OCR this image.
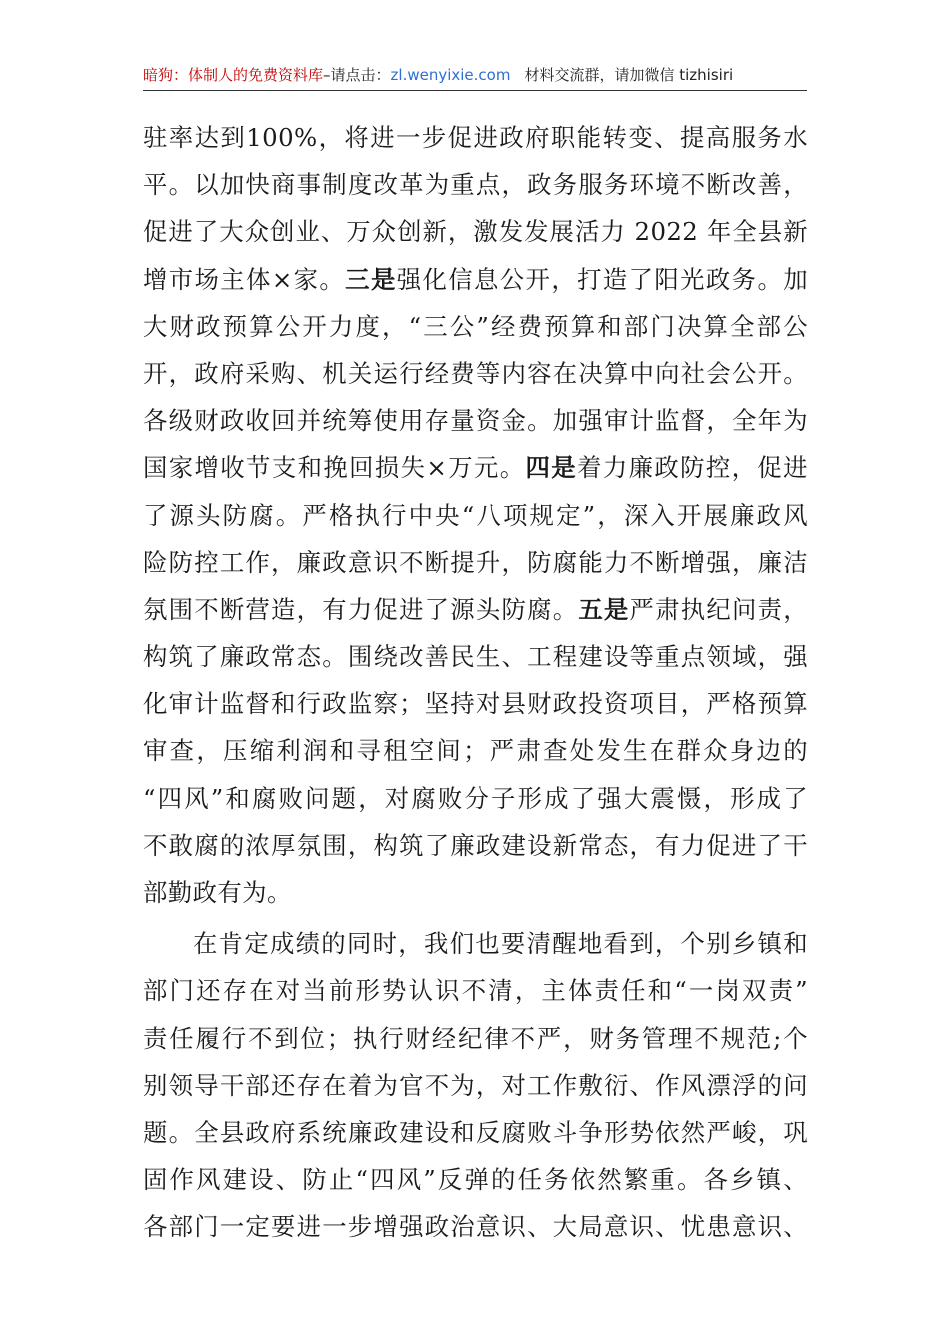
暗狗：体制人的免费资料库 –请点击： zl.wenyixie.com 材料交流群，请加微信 tizhisiri
驻率达到100%，将进一步促进政府职能转变、提高服务水
平。以加快商事制度改革为重点，政务服务环境不断改善，
促进了大众创业、万众创新，激发发展活力 2022 年全县新
增市场主体×家。三是强化信息公开，打造了阳光政务。加
大财政预算公开力度，“三公”经费预算和部门决算全部公
开，政府采购、机关运行经费等内容在决算中向社会公开。
各级财政收回并统筹使用存量资金。加强审计监督，全年为
国家增收节支和挽回损失×万元。四是着力廉政防控，促进
了源头防腐。严格执行中央“八项规定”，深入开展廉政风
险防控工作，廉政意识不断提升，防腐能力不断增强，廉洁
氛围不断营造，有力促进了源头防腐。五是严肃执纪问责，
构筑了廉政常态。围绕改善民生、工程建设等重点领域，强
化审计监督和行政监察；坚持对县财政投资项目，严格预算
审查，压缩利润和寻租空间；严肃查处发生在群众身边的
“四风”和腐败问题，对腐败分子形成了强大震慑，形成了
不敢腐的浓厚氛围，构筑了廉政建设新常态，有力促进了干
部勤政有为。
在肯定成绩的同时，我们也要清醒地看到，个别乡镇和
部门还存在对当前形势认识不清，主体责任和“一岗双责”
责任履行不到位；执行财经纪律不严，财务管理不规范;个
别领导干部还存在着为官不为，对工作敷衍、作风漂浮的问
题。全县政府系统廉政建设和反腐败斗争形势依然严峻，巩
固作风建设、防止“四风”反弹的任务依然繁重。各乡镇、
各部门一定要进一步增强政治意识、大局意识、忧患意识、
